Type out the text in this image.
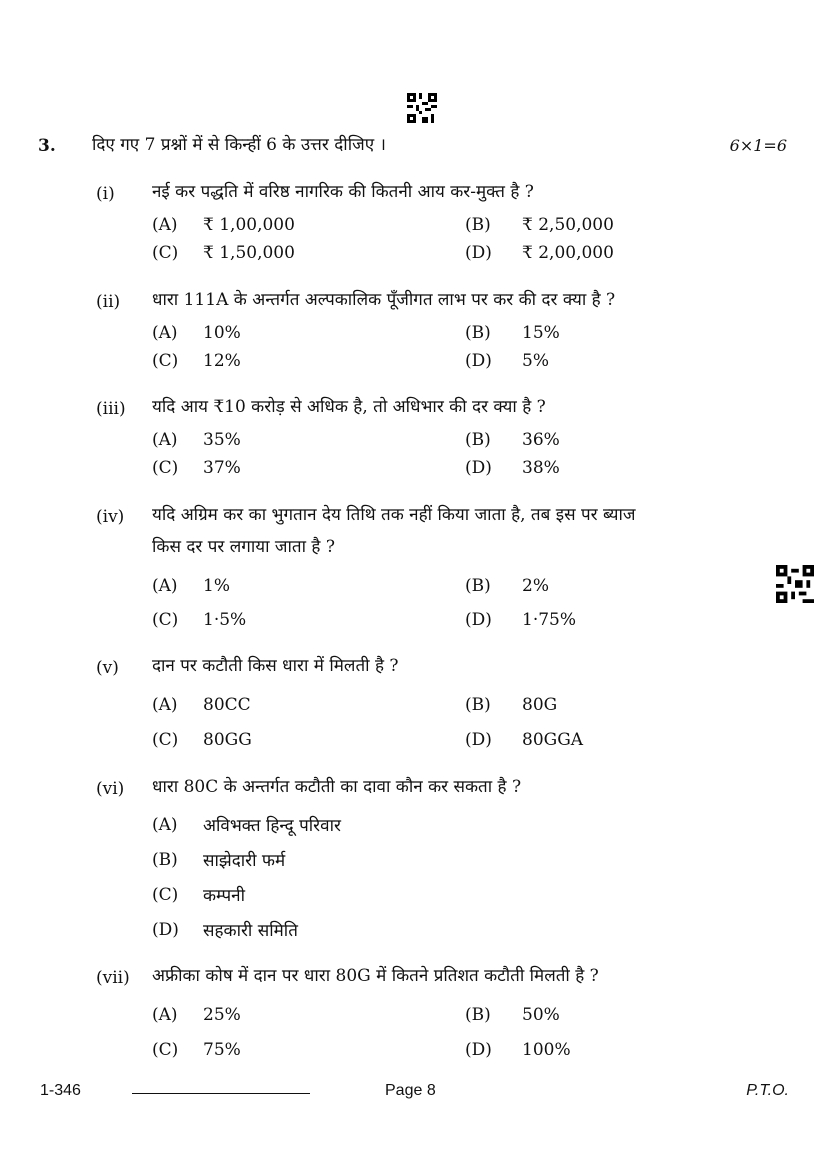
3. दिए गए 7 प्रश्नों में से किन्हीं 6 के उत्तर दीजिए ।	6×1=6
(i) नई कर पद्धति में वरिष्ठ नागरिक की कितनी आय कर-मुक्त है ?
(A) ₹ 1,00,000	(B) ₹ 2,50,000
(C) ₹ 1,50,000	(D) ₹ 2,00,000
(ii) धारा 111A के अन्तर्गत अल्पकालिक पूँजीगत लाभ पर कर की दर क्या है ?
(A) 10%	(B) 15%
(C) 12%	(D) 5%
(iii) यदि आय ₹10 करोड़ से अधिक है, तो अधिभार की दर क्या है ?
(A) 35%	(B) 36%
(C) 37%	(D) 38%
(iv) यदि अग्रिम कर का भुगतान देय तिथि तक नहीं किया जाता है, तब इस पर ब्याज
किस दर पर लगाया जाता है ?
(A) 1%	(B) 2%
(C) 1·5%	(D) 1·75%
(v) दान पर कटौती किस धारा में मिलती है ?
(A) 80CC	(B) 80G
(C) 80GG	(D) 80GGA
(vi) धारा 80C के अन्तर्गत कटौती का दावा कौन कर सकता है ?
(A) अविभक्त हिन्दू परिवार
(B) साझेदारी फर्म
(C) कम्पनी
(D) सहकारी समिति
(vii) अफ्रीका कोष में दान पर धारा 80G में कितने प्रतिशत कटौती मिलती है ?
(A) 25%	(B) 50%
(C) 75%	(D) 100%
1-346	Page 8	P.T.O.
